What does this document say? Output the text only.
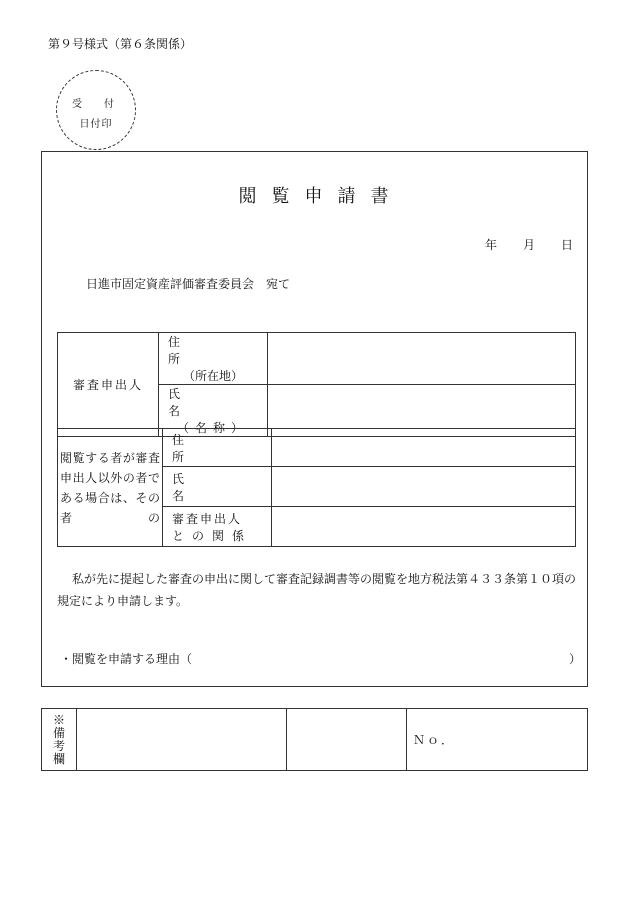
第９号様式（第６条関係）
受　付
日付印
閲覧申請書
年 月 日
日進市固定資産評価審査委員会　宛て
審査申出人	住所
（所在地）	

	氏名
（名称）	

閲覧する者が審査申出人以外の者である場合は、その者の	住所	

	氏名	

	審査申出人
との関係	

私が先に提起した審査の申出に関して審査記録調書等の閲覧を地方税法第４３３条第１０項の規定により申請します。
・閲覧を申請する理由（	）
※備考欄			Ｎｏ．
